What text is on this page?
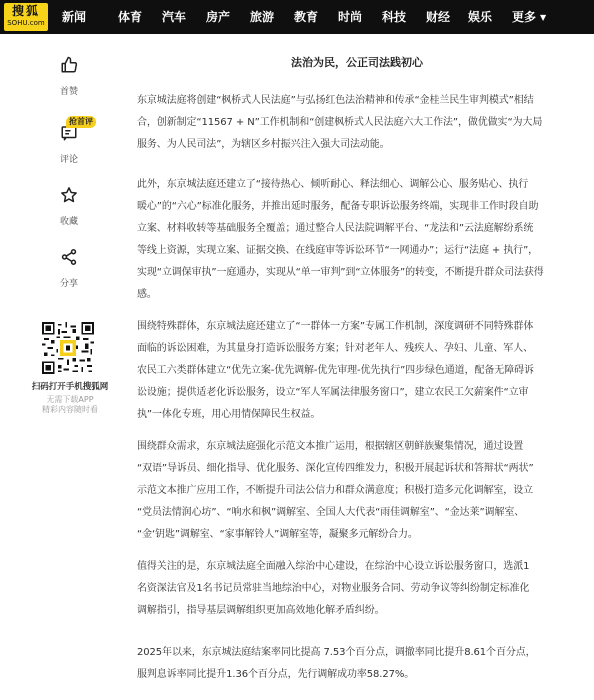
搜狐
SOHU.com 新闻	体育 汽车 房产 旅游 教育 时尚 科技 财经 娱乐 更多 ▼
首赞
抢首评
评论
收藏
分享
扫码打开手机搜狐网
无需下载APP
精彩内容随时看
法治为民，公正司法践初心
东京城法庭将创建“枫桥式人民法庭”与弘扬红色法治精神和传承“金桂兰民生审判模式”相结
合，创新制定“11567 + N”工作机制和“创建枫桥式人民法庭六大工作法”，做优做实“为大局
服务、为人民司法”，为辖区乡村振兴注入强大司法动能。
此外，东京城法庭还建立了“接待热心、倾听耐心、释法细心、调解公心、服务贴心、执行
暖心”的“六心”标准化服务，并推出延时服务，配备专职诉讼服务终端，实现非工作时段自助
立案、材料收转等基础服务全覆盖；通过整合人民法院调解平台、“龙法和”云法庭解纷系统
等线上资源，实现立案、证据交换、在线庭审等诉讼环节“一网通办”；运行“法庭 + 执行”，
实现“立调保审执”一庭通办，实现从“单一审判”到“立体服务”的转变，不断提升群众司法获得
感。
围绕特殊群体，东京城法庭还建立了“一群体一方案”专属工作机制，深度调研不同特殊群体
面临的诉讼困难，为其量身打造诉讼服务方案；针对老年人、残疾人、孕妇、儿童、军人、
农民工六类群体建立“优先立案-优先调解-优先审理-优先执行”四步绿色通道，配备无障碍诉
讼设施；提供适老化诉讼服务，设立“军人军属法律服务窗口”，建立农民工欠薪案件“立审
执”一体化专班，用心用情保障民生权益。
围绕群众需求，东京城法庭强化示范文本推广运用，根据辖区朝鲜族聚集情况，通过设置
“双语”导诉员、细化指导、优化服务、深化宣传四维发力，积极开展起诉状和答辩状“两状”
示范文本推广应用工作，不断提升司法公信力和群众满意度；积极打造多元化调解室，设立
“党员法情润心坊”、“响水和枫”调解室、全国人大代表“雨佳调解室”、“金达莱”调解室、
“金‘钥匙”调解室、“家事解铃人”调解室等，凝聚多元解纷合力。
值得关注的是，东京城法庭全面融入综治中心建设，在综治中心设立诉讼服务窗口，选派1
名资深法官及1名书记员常驻当地综治中心，对物业服务合同、劳动争议等纠纷制定标准化
调解指引，指导基层调解组织更加高效地化解矛盾纠纷。
2025年以来，东京城法庭结案率同比提高 7.53个百分点，调撤率同比提升8.61个百分点，
服判息诉率同比提升1.36个百分点，先行调解成功率58.27%。
